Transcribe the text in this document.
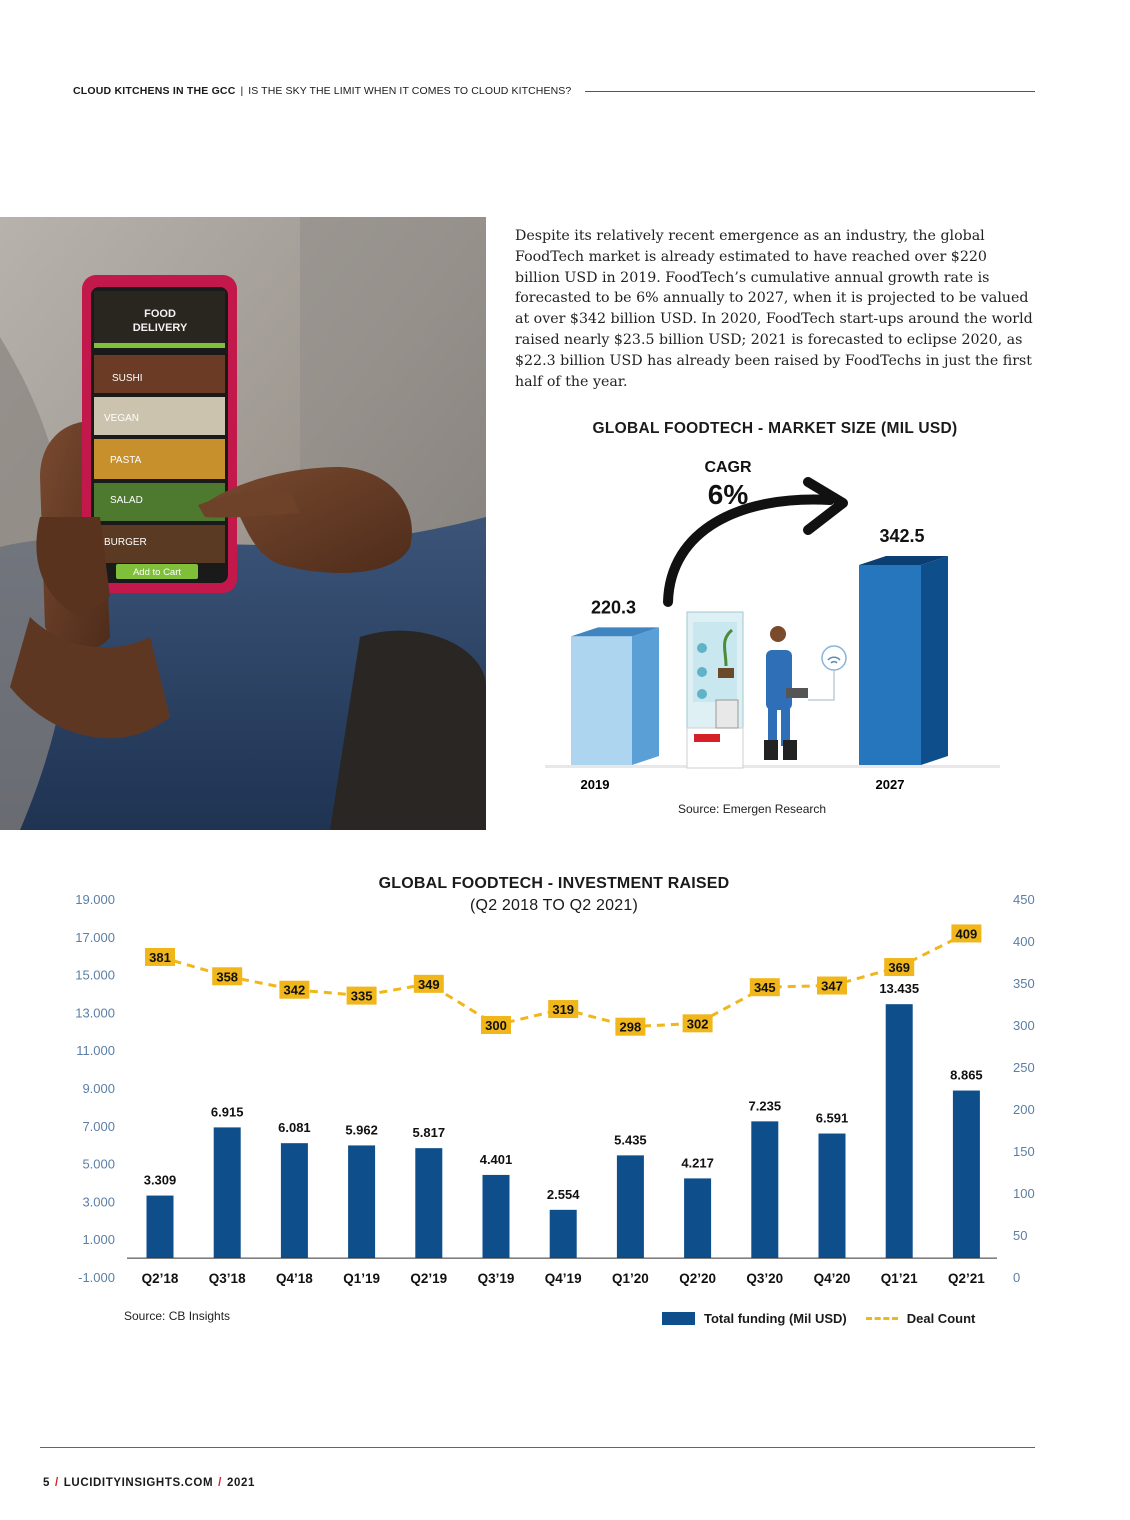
CLOUD KITCHENS IN THE GCC | IS THE SKY THE LIMIT WHEN IT COMES TO CLOUD KITCHENS?
FOOD
DELIVERY
SUSHI
VEGAN
PASTA
SALAD
BURGER
Add to Cart
Despite its relatively recent emergence as an industry, the global FoodTech market is already estimated to have reached over $220 billion USD in 2019. FoodTech’s cumulative annual growth rate is forecasted to be 6% annually to 2027, when it is projected to be valued at over $342 billion USD. In 2020, FoodTech start-ups around the world raised nearly $23.5 billion USD; 2021 is forecasted to eclipse 2020, as $22.3 billion USD has already been raised by FoodTechs in just the first half of the year.
GLOBAL FOODTECH - MARKET SIZE (MIL USD)
220.3
342.5
2019	2027
CAGR
6%
Source: Emergen Research
GLOBAL FOODTECH - INVESTMENT RAISED
(Q2 2018 TO Q2 2021)
19.000
17.000
15.000
13.000
11.000
9.000
7.000
5.000
3.000
1.000
-1.000
450
400
350
300
250
200
150
100
50
0
3.309
6.915
6.081	5.962	5.817
4.401
2.554
5.435
4.217
7.235
6.591
13.435
8.865
381
358
342	335
349
300
319
298	302
345	347
369
409
Q2’18 Q3’18 Q4’18 Q1’19 Q2’19 Q3’19 Q4’19 Q1’20 Q2’20 Q3’20 Q4’20 Q1’21 Q2’21
Source: CB Insights	Total funding (Mil USD)	Deal Count
5 / LUCIDITYINSIGHTS.COM / 2021
